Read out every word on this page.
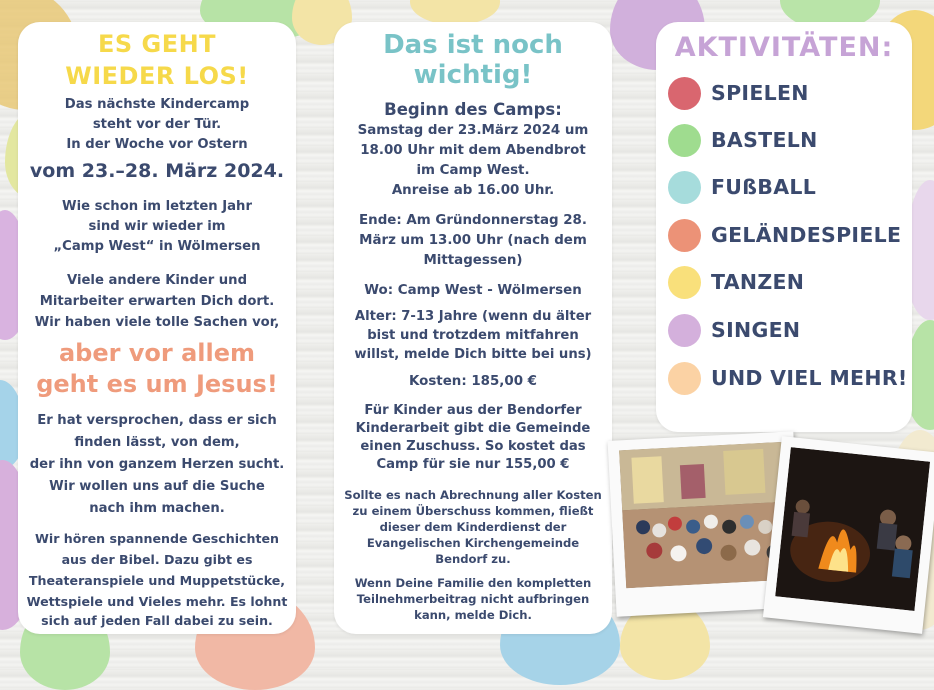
ES GEHT
WIEDER LOS!
Das nächste Kindercamp
steht vor der Tür.
In der Woche vor Ostern
vom 23.–28. März 2024.
Wie schon im letzten Jahr
sind wir wieder im
„Camp West“ in Wölmersen
Viele andere Kinder und
Mitarbeiter erwarten Dich dort.
Wir haben viele tolle Sachen vor,
aber vor allem
geht es um Jesus!
Er hat versprochen, dass er sich
finden lässt, von dem,
der ihn von ganzem Herzen sucht.
Wir wollen uns auf die Suche
nach ihm machen.
Wir hören spannende Geschichten
aus der Bibel. Dazu gibt es
Theateranspiele und Muppetstücke,
Wettspiele und Vieles mehr. Es lohnt
sich auf jeden Fall dabei zu sein.
Das ist noch
wichtig!
Beginn des Camps:
Samstag der 23.März 2024 um
18.00 Uhr mit dem Abendbrot
im Camp West.
Anreise ab 16.00 Uhr.
Ende: Am Gründonnerstag 28.
März um 13.00 Uhr (nach dem
Mittagessen)
Wo: Camp West - Wölmersen
Alter: 7-13 Jahre (wenn du älter
bist und trotzdem mitfahren
willst, melde Dich bitte bei uns)
Kosten: 185,00 €
Für Kinder aus der Bendorfer
Kinderarbeit gibt die Gemeinde
einen Zuschuss. So kostet das
Camp für sie nur 155,00 €
Sollte es nach Abrechnung aller Kosten
zu einem Überschuss kommen, fließt
dieser dem Kinderdienst der
Evangelischen Kirchengemeinde
Bendorf zu.
Wenn Deine Familie den kompletten
Teilnehmerbeitrag nicht aufbringen
kann, melde Dich.
AKTIVITÄTEN:
SPIELEN
BASTELN
FUßBALL
GELÄNDESPIELE
TANZEN
SINGEN
UND VIEL MEHR!
